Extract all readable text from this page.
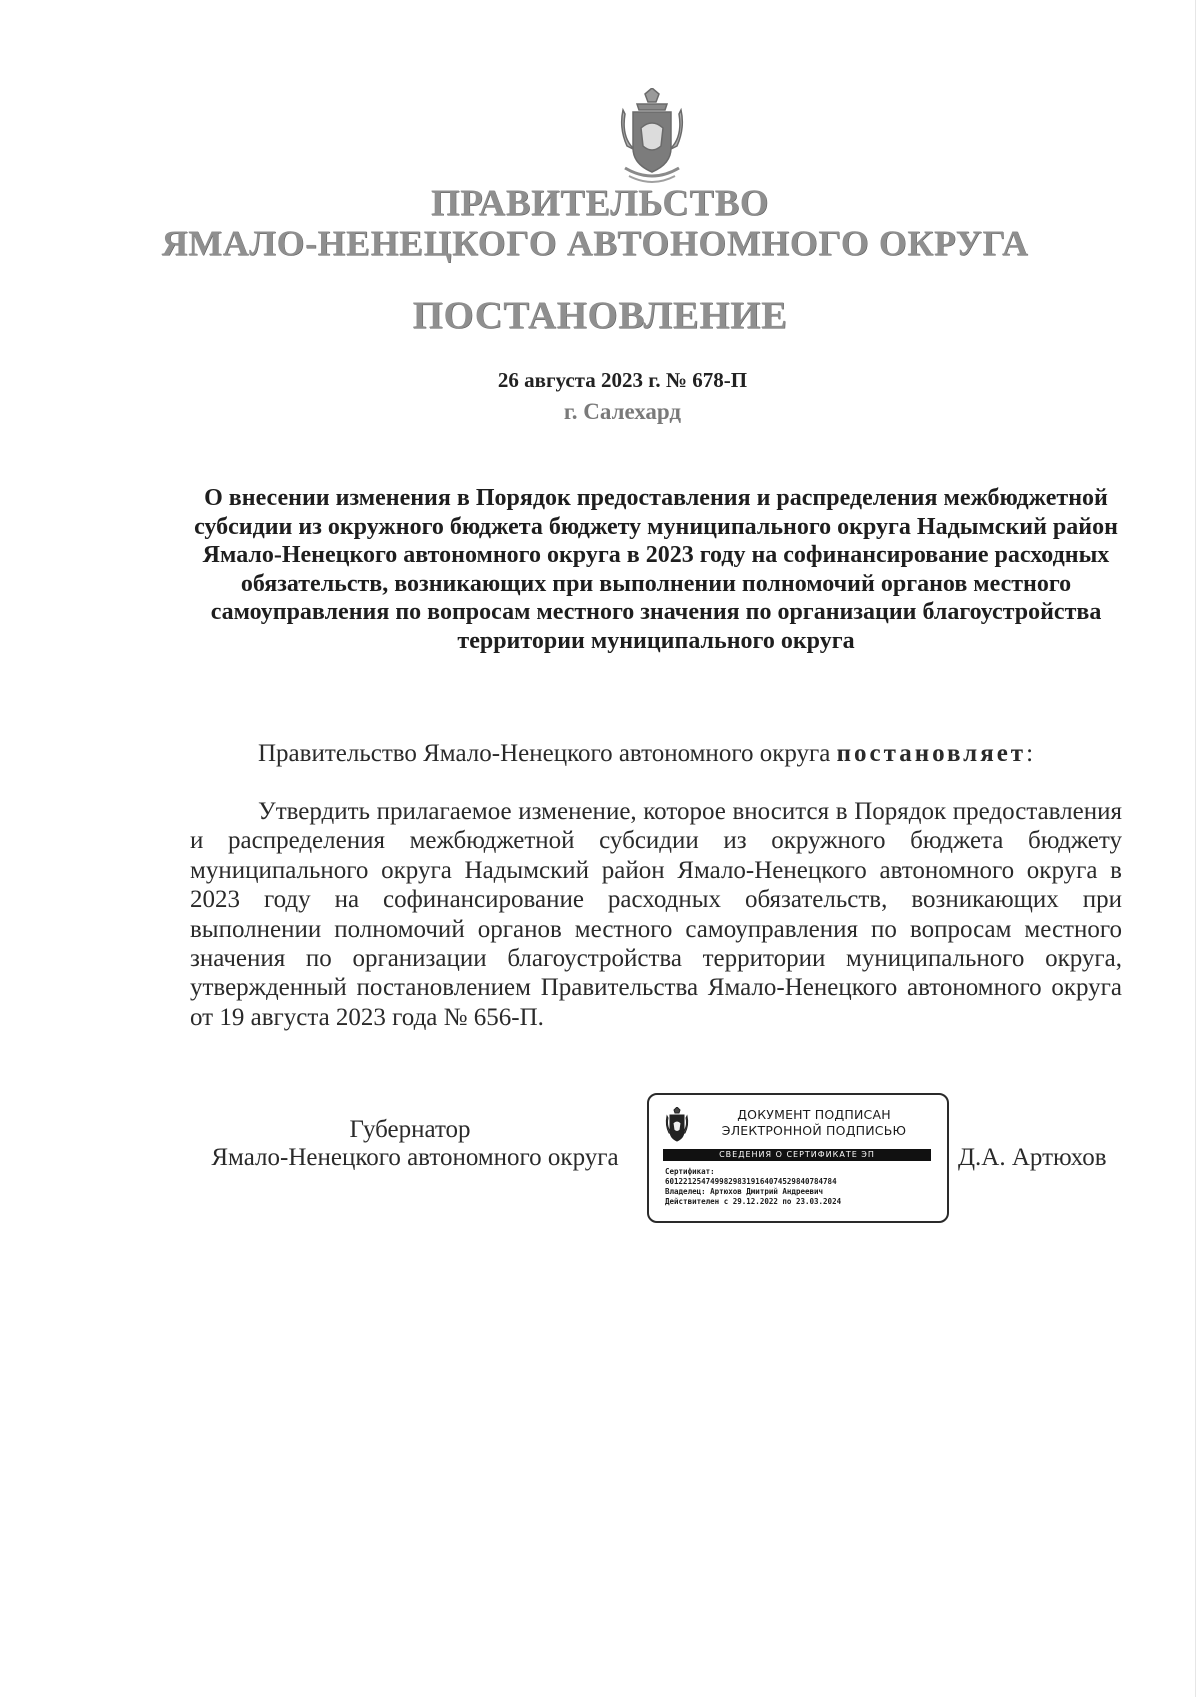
ПРАВИТЕЛЬСТВО
ЯМАЛО-НЕНЕЦКОГО АВТОНОМНОГО ОКРУГА
ПОСТАНОВЛЕНИЕ
26 августа 2023 г. № 678-П
г. Салехард
О внесении изменения в Порядок предоставления и распределения межбюджетной субсидии из окружного бюджета бюджету муниципального округа Надымский район Ямало-Ненецкого автономного округа в 2023 году на софинансирование расходных обязательств, возникающих при выполнении полномочий органов местного самоуправления по вопросам местного значения по организации благоустройства территории муниципального округа
Правительство Ямало-Ненецкого автономного округа постановляет:
Утвердить прилагаемое изменение, которое вносится в Порядок предоставления и распределения межбюджетной субсидии из окружного бюджета бюджету муниципального округа Надымский район Ямало-Ненецкого автономного округа в 2023 году на софинансирование расходных обязательств, возникающих при выполнении полномочий органов местного самоуправления по вопросам местного значения по организации благоустройства территории муниципального округа, утвержденный постановлением Правительства Ямало-Ненецкого автономного округа от 19 августа 2023 года № 656-П.
Губернатор
Ямало-Ненецкого автономного округа
ДОКУМЕНТ ПОДПИСАН
ЭЛЕКТРОННОЙ ПОДПИСЬЮ
СВЕДЕНИЯ О СЕРТИФИКАТЕ ЭП
Сертификат:
601221254749982983191640745298407847​84
Владелец: Артюхов Дмитрий Андреевич
Действителен с 29.12.2022 по 23.03.2024
Д.А. Артюхов
